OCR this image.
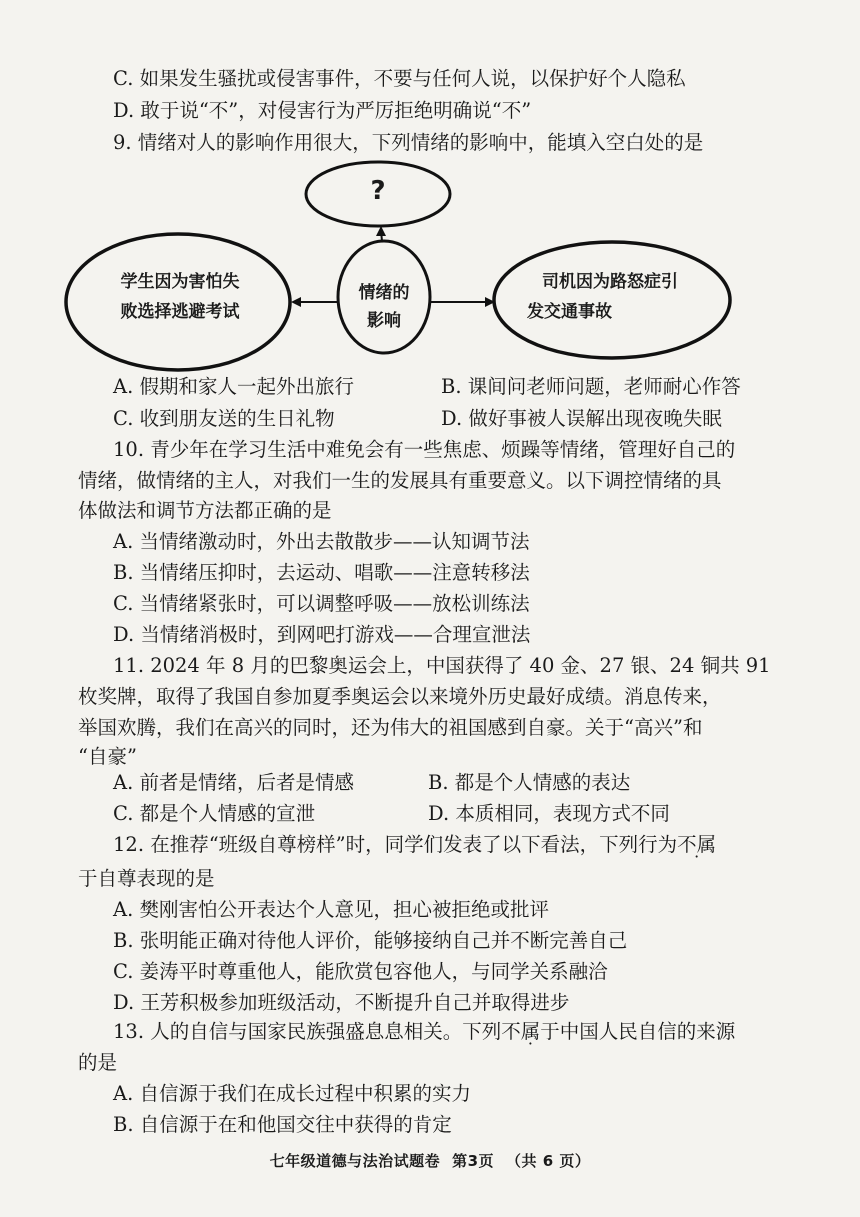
C. 如果发生骚扰或侵害事件，不要与任何人说，以保护好个人隐私
D. 敢于说“不”，对侵害行为严厉拒绝明确说“不”
9. 情绪对人的影响作用很大，下列情绪的影响中，能填入空白处的是
?
情绪的
影响
学生因为害怕失
败选择逃避考试
司机因为路怒症引
发交通事故
A. 假期和家人一起外出旅行	B. 课间问老师问题，老师耐心作答
C. 收到朋友送的生日礼物	D. 做好事被人误解出现夜晚失眠
10. 青少年在学习生活中难免会有一些焦虑、烦躁等情绪，管理好自己的
情绪，做情绪的主人，对我们一生的发展具有重要意义。以下调控情绪的具
体做法和调节方法都正确的是
A. 当情绪激动时，外出去散散步——认知调节法
B. 当情绪压抑时，去运动、唱歌——注意转移法
C. 当情绪紧张时，可以调整呼吸——放松训练法
D. 当情绪消极时，到网吧打游戏——合理宣泄法
11. 2024 年 8 月的巴黎奥运会上，中国获得了 40 金、27 银、24 铜共 91
枚奖牌，取得了我国自参加夏季奥运会以来境外历史最好成绩。消息传来，
举国欢腾，我们在高兴的同时，还为伟大的祖国感到自豪。关于“高兴”和
“自豪”
A. 前者是情绪，后者是情感	B. 都是个人情感的表达
C. 都是个人情感的宣泄	D. 本质相同，表现方式不同
12. 在推荐“班级自尊榜样”时，同学们发表了以下看法，下列行为不属
于自尊表现的是
A. 樊刚害怕公开表达个人意见，担心被拒绝或批评
B. 张明能正确对待他人评价，能够接纳自己并不断完善自己
C. 姜涛平时尊重他人，能欣赏包容他人，与同学关系融洽
D. 王芳积极参加班级活动，不断提升自己并取得进步
13. 人的自信与国家民族强盛息息相关。下列不属于中国人民自信的来源
的是
A. 自信源于我们在成长过程中积累的实力
B. 自信源于在和他国交往中获得的肯定
七年级道德与法治试题卷 第3页 （共 6 页）
